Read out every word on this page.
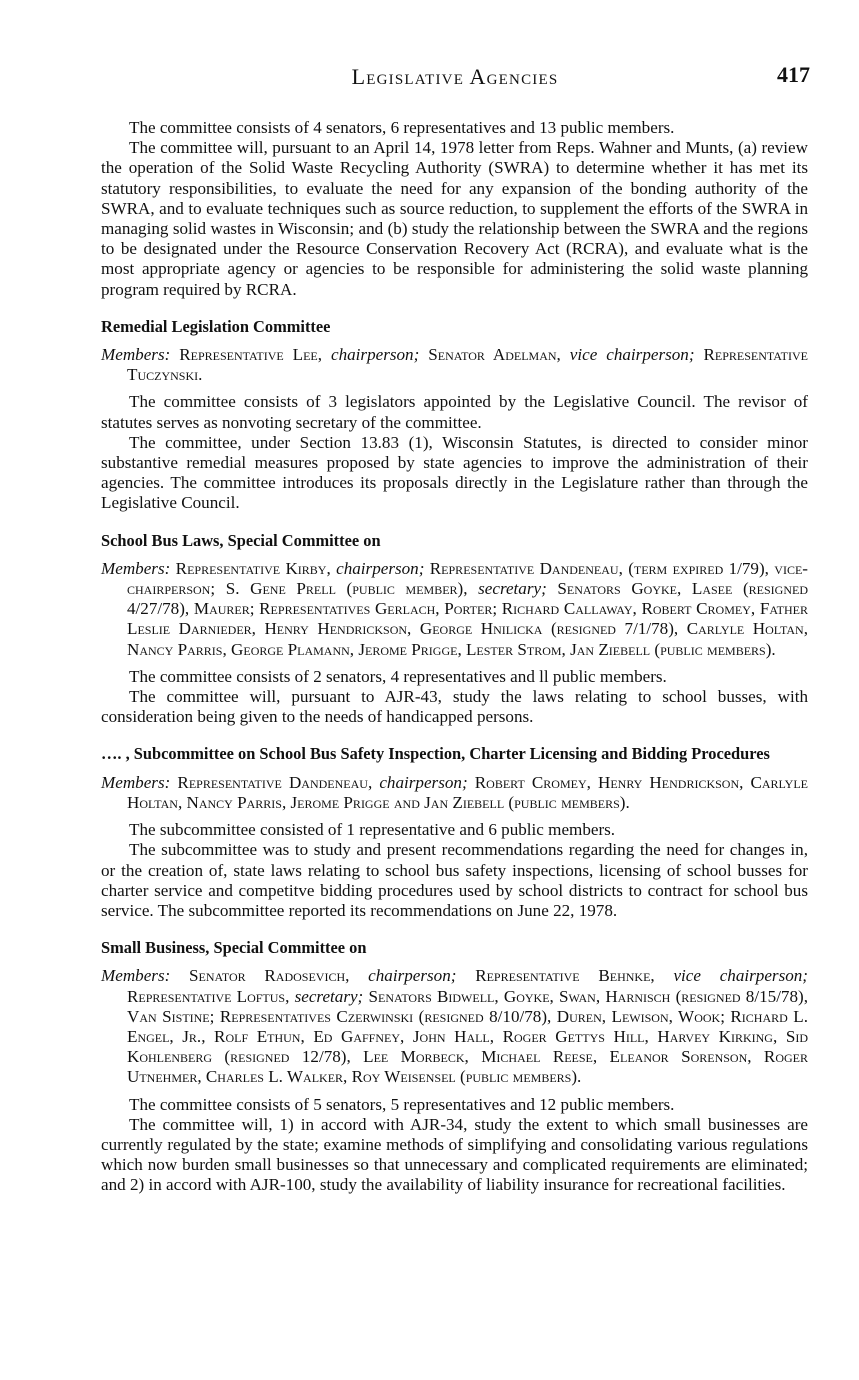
Legislative Agencies	417

The committee consists of 4 senators, 6 representatives and 13 public members.

The committee will, pursuant to an April 14, 1978 letter from Reps. Wahner and Munts, (a) review the operation of the Solid Waste Recycling Authority (SWRA) to determine whether it has met its statutory responsibilities, to evaluate the need for any expansion of the bonding authority of the SWRA, and to evaluate techniques such as source reduction, to supplement the efforts of the SWRA in managing solid wastes in Wisconsin; and (b) study the relationship between the SWRA and the regions to be designated under the Resource Conservation Recovery Act (RCRA), and evaluate what is the most appropriate agency or agencies to be responsible for administering the solid waste planning program required by RCRA.

Remedial Legislation Committee

Members: Representative Lee, chairperson; Senator Adelman, vice chairperson; Representative Tuczynski.

The committee consists of 3 legislators appointed by the Legislative Council. The revisor of statutes serves as nonvoting secretary of the committee.

The committee, under Section 13.83 (1), Wisconsin Statutes, is directed to consider minor substantive remedial measures proposed by state agencies to improve the administration of their agencies. The committee introduces its proposals directly in the Legislature rather than through the Legislative Council.

School Bus Laws, Special Committee on

Members: Representative Kirby, chairperson; Representative Dandeneau, (term expired 1/79), vice-chairperson; S. Gene Prell (public member), secretary; Senators Goyke, Lasee (resigned 4/27/78), Maurer; Representatives Gerlach, Porter; Richard Callaway, Robert Cromey, Father Leslie Darnieder, Henry Hendrickson, George Hnilicka (resigned 7/1/78), Carlyle Holtan, Nancy Parris, George Plamann, Jerome Prigge, Lester Strom, Jan Ziebell (public members).

The committee consists of 2 senators, 4 representatives and ll public members.

The committee will, pursuant to AJR-43, study the laws relating to school busses, with consideration being given to the needs of handicapped persons.

…. , Subcommittee on School Bus Safety Inspection, Charter Licensing and Bidding Procedures

Members: Representative Dandeneau, chairperson; Robert Cromey, Henry Hendrickson, Carlyle Holtan, Nancy Parris, Jerome Prigge and Jan Ziebell (public members).

The subcommittee consisted of 1 representative and 6 public members.

The subcommittee was to study and present recommendations regarding the need for changes in, or the creation of, state laws relating to school bus safety inspections, licensing of school busses for charter service and competitve bidding procedures used by school districts to contract for school bus service. The subcommittee reported its recommendations on June 22, 1978.

Small Business, Special Committee on

Members: Senator Radosevich, chairperson; Representative Behnke, vice chairperson; Representative Loftus, secretary; Senators Bidwell, Goyke, Swan, Harnisch (resigned 8/15/78), Van Sistine; Representatives Czerwinski (resigned 8/10/78), Duren, Lewison, Wook; Richard L. Engel, Jr., Rolf Ethun, Ed Gaffney, John Hall, Roger Gettys Hill, Harvey Kirking, Sid Kohlenberg (resigned 12/78), Lee Morbeck, Michael Reese, Eleanor Sorenson, Roger Utnehmer, Charles L. Walker, Roy Weisensel (public members).

The committee consists of 5 senators, 5 representatives and 12 public members.

The committee will, 1) in accord with AJR-34, study the extent to which small businesses are currently regulated by the state; examine methods of simplifying and consolidating various regulations which now burden small businesses so that unnecessary and complicated requirements are eliminated; and 2) in accord with AJR-100, study the availability of liability insurance for recreational facilities.
